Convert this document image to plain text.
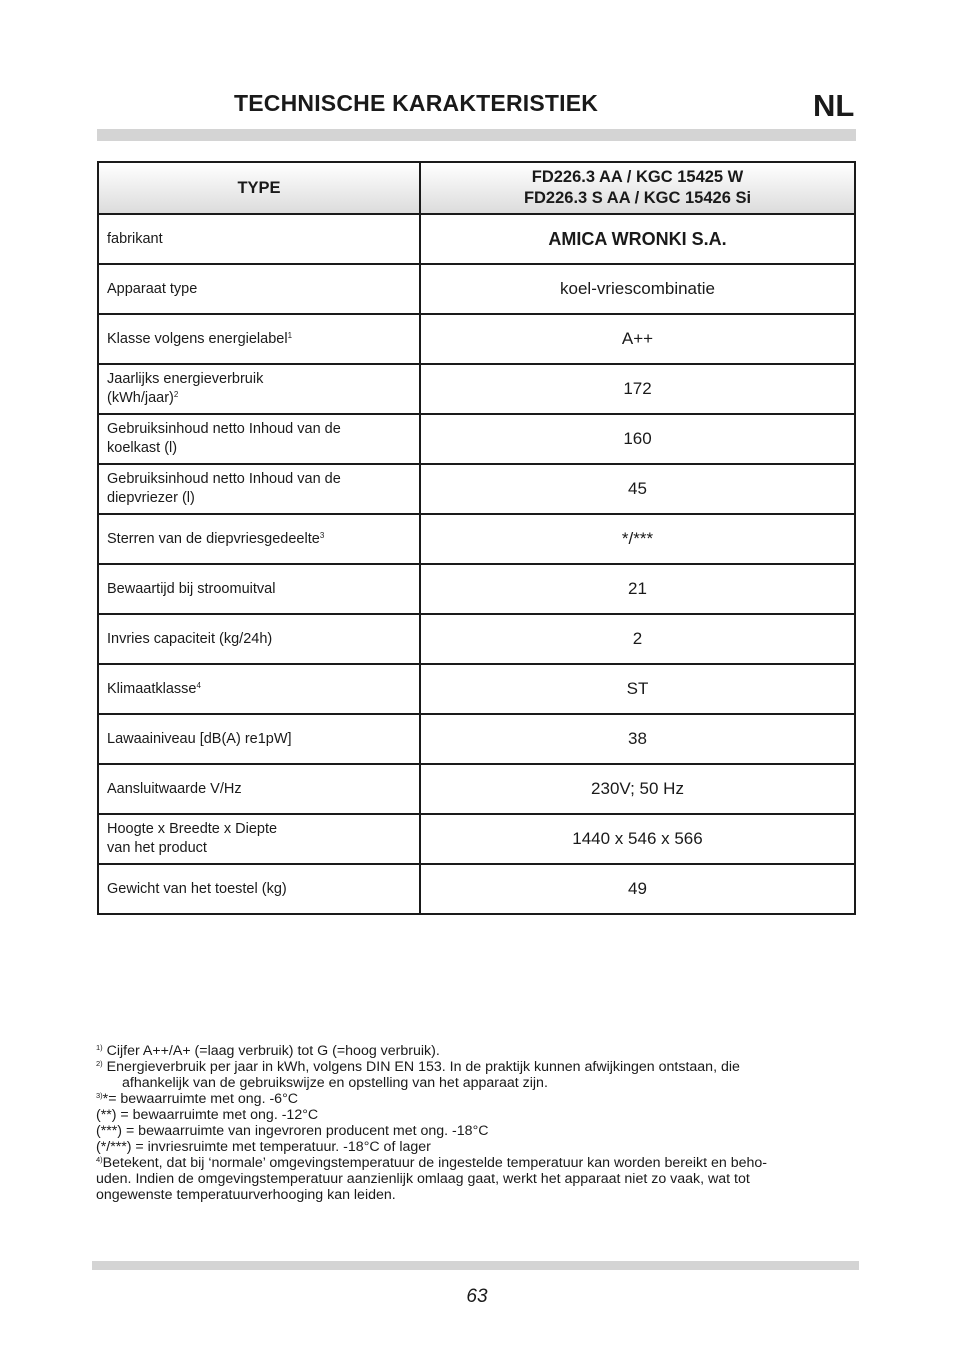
TECHNISCHE KARAKTERISTIEK	NL
TYPE	FD226.3 AA / KGC 15425 W
FD226.3 S AA / KGC 15426 Si

fabrikant	AMICA WRONKI S.A.
Apparaat type	koel-vriescombinatie
Klasse volgens energielabel$^1$	A++
Jaarlijks energieverbruik
(kWh/jaar)$^2$	172
Gebruiksinhoud netto Inhoud van de
koelkast (l)	160
Gebruiksinhoud netto Inhoud van de
diepvriezer (l)	45
Sterren van de diepvriesgedeelte$^3$	*/***
Bewaartijd bij stroomuitval	21
Invries capaciteit (kg/24h)	2
Klimaatklasse$^4$	ST
Lawaainiveau [dB(A) re1pW]	38
Aansluitwaarde V/Hz	230V; 50 Hz
Hoogte x Breedte x Diepte
van het product	1440 x 546 x 566
Gewicht van het toestel (kg)	49

$^{1)}$ Cijfer A++/A+ (=laag verbruik) tot G (=hoog verbruik).

$^{2)}$ Energieverbruik per jaar in kWh, volgens DIN EN 153. In de praktijk kunnen afwijkingen ontstaan, die

afhankelijk van de gebruikswijze en opstelling van het apparaat zijn.

$^{3)}$*= bewaarruimte met ong. -6°C

(**) = bewaarruimte met ong. -12°C

(***) = bewaarruimte van ingevroren producent met ong. -18°C

(*/***) = invriesruimte met temperatuur. -18°C of lager

$^{4)}$Betekent, dat bij ‘normale’ omgevingstemperatuur de ingestelde temperatuur kan worden bereikt en beho-

uden. Indien de omgevingstemperatuur aanzienlijk omlaag gaat, werkt het apparaat niet zo vaak, wat tot

ongewenste temperatuurverhooging kan leiden.

63
